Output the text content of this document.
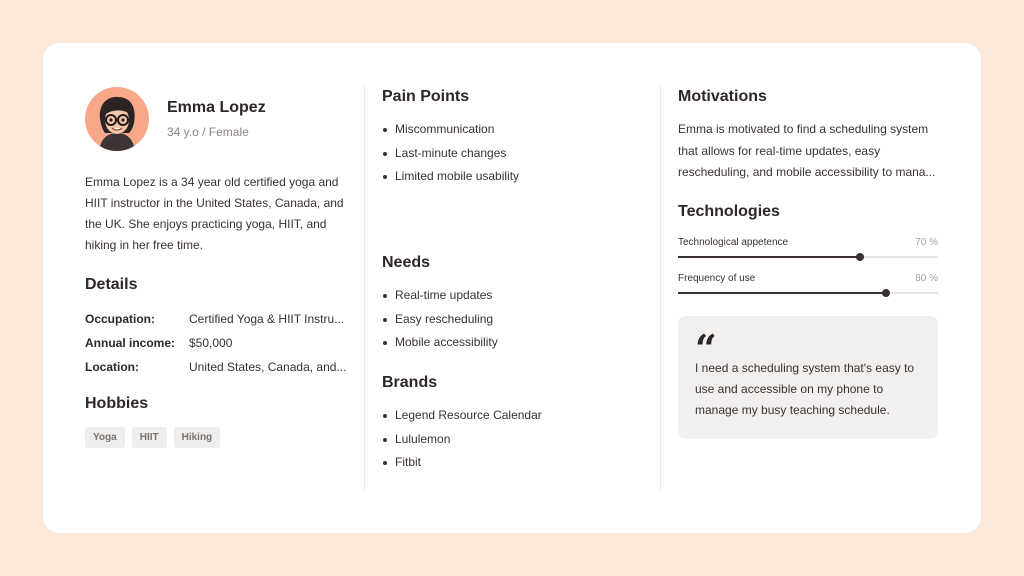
Emma Lopez
34 y.o / Female
Emma Lopez is a 34 year old certified yoga and HIIT instructor in the United States, Canada, and the UK. She enjoys practicing yoga, HIIT, and hiking in her free time.
Details
Occupation:	Certified Yoga & HIIT Instru...
Annual income:	$50,000
Location:	United States, Canada, and...
Hobbies
Yoga	HIIT	Hiking
Pain Points
Miscommunication
Last-minute changes
Limited mobile usability
Needs
Real-time updates
Easy rescheduling
Mobile accessibility
Brands
Legend Resource Calendar
Lululemon
Fitbit
Motivations
Emma is motivated to find a scheduling system
that allows for real-time updates, easy
rescheduling, and mobile accessibility to mana...
Technologies
Technological appetence	70 %
Frequency of use	80 %
“
I need a scheduling system that's easy to use and accessible on my phone to manage my busy teaching schedule.
